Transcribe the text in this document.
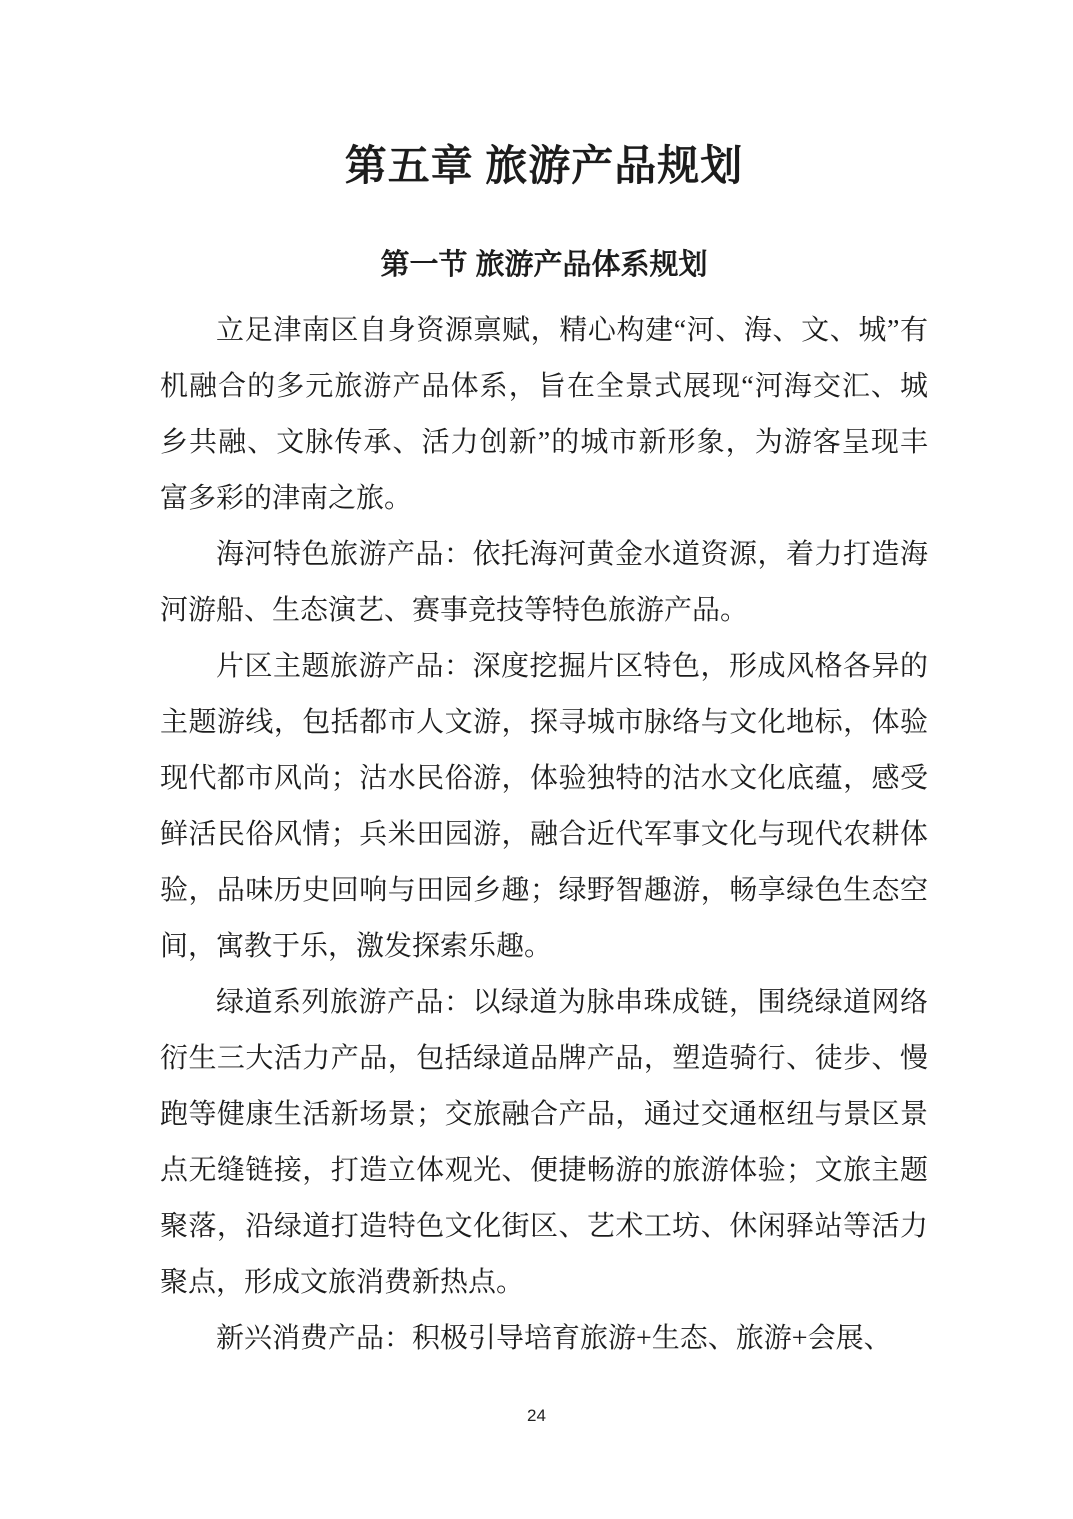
第五章 旅游产品规划
第一节 旅游产品体系规划

立足津南区自身资源禀赋，精心构建“河、海、文、城”有机融合的多元旅游产品体系，旨在全景式展现“河海交汇、城乡共融、文脉传承、活力创新”的城市新形象，为游客呈现丰富多彩的津南之旅。

海河特色旅游产品：依托海河黄金水道资源，着力打造海河游船、生态演艺、赛事竞技等特色旅游产品。

片区主题旅游产品：深度挖掘片区特色，形成风格各异的主题游线，包括都市人文游，探寻城市脉络与文化地标，体验现代都市风尚；沽水民俗游，体验独特的沽水文化底蕴，感受鲜活民俗风情；兵米田园游，融合近代军事文化与现代农耕体验，品味历史回响与田园乡趣；绿野智趣游，畅享绿色生态空间，寓教于乐，激发探索乐趣。

绿道系列旅游产品：以绿道为脉串珠成链，围绕绿道网络衍生三大活力产品，包括绿道品牌产品，塑造骑行、徒步、慢跑等健康生活新场景；交旅融合产品，通过交通枢纽与景区景点无缝链接，打造立体观光、便捷畅游的旅游体验；文旅主题聚落，沿绿道打造特色文化街区、艺术工坊、休闲驿站等活力聚点，形成文旅消费新热点。

新兴消费产品：积极引导培育旅游+生态、旅游+会展、

24
